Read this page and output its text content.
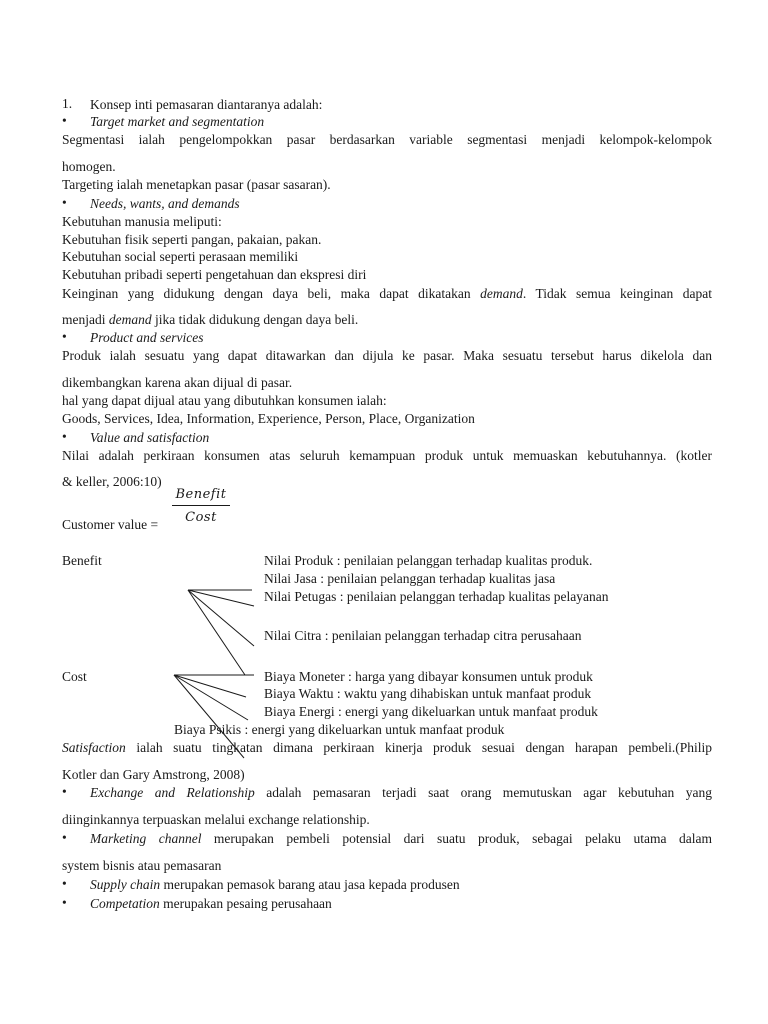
1. Konsep inti pemasaran diantaranya adalah:
• Target market and segmentation
Segmentasi ialah pengelompokkan pasar berdasarkan variable segmentasi menjadi kelompok-kelompok
homogen.
Targeting ialah menetapkan pasar (pasar sasaran).
• Needs, wants, and demands
Kebutuhan manusia meliputi:
Kebutuhan fisik seperti pangan, pakaian, pakan.
Kebutuhan social seperti perasaan memiliki
Kebutuhan pribadi seperti pengetahuan dan ekspresi diri
Keinginan yang didukung dengan daya beli, maka dapat dikatakan demand. Tidak semua keinginan dapat
menjadi demand jika tidak didukung dengan daya beli.
• Product and services
Produk ialah sesuatu yang dapat ditawarkan dan dijula ke pasar. Maka sesuatu tersebut harus dikelola dan
dikembangkan karena akan dijual di pasar.
hal yang dapat dijual atau yang dibutuhkan konsumen ialah:
Goods, Services, Idea, Information, Experience, Person, Place, Organization
• Value and satisfaction
Nilai adalah perkiraan konsumen atas seluruh kemampuan produk untuk memuaskan kebutuhannya. (kotler
& keller, 2006:10)
Customer value =
Benefit
Cost
Benefit	Nilai Produk : penilaian pelanggan terhadap kualitas produk.
Nilai Jasa : penilaian pelanggan terhadap kualitas jasa
Nilai Petugas : penilaian pelanggan terhadap kualitas pelayanan
Nilai Citra : penilaian pelanggan terhadap citra perusahaan
Cost	Biaya Moneter : harga yang dibayar konsumen untuk produk
Biaya Waktu : waktu yang dihabiskan untuk manfaat produk
Biaya Energi : energi yang dikeluarkan untuk manfaat produk
Biaya Psikis : energi yang dikeluarkan untuk manfaat produk
Satisfaction ialah suatu tingkatan dimana perkiraan kinerja produk sesuai dengan harapan pembeli.(Philip
Kotler dan Gary Amstrong, 2008)
• Exchange and Relationship adalah pemasaran terjadi saat orang memutuskan agar kebutuhan yang
diinginkannya terpuaskan melalui exchange relationship.
• Marketing channel merupakan pembeli potensial dari suatu produk, sebagai pelaku utama dalam
system bisnis atau pemasaran
• Supply chain merupakan pemasok barang atau jasa kepada produsen
• Competation merupakan pesaing perusahaan
